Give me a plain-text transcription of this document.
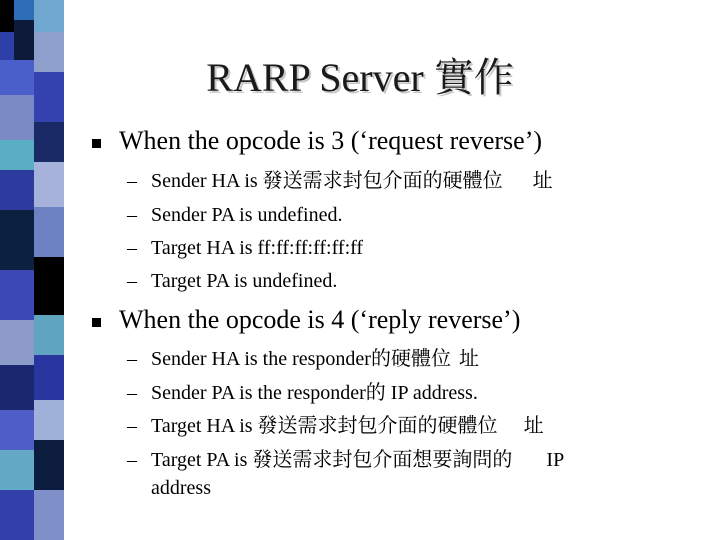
RARP Server 實作
When the opcode is 3 (‘request reverse’)
– Sender HA is 發送需求封包介面的硬體位 址
– Sender PA is undefined.
– Target HA is ff:ff:ff:ff:ff:ff
– Target PA is undefined.
When the opcode is 4 (‘reply reverse’)
– Sender HA is the responder的硬體位 址
– Sender PA is the responder的 IP address.
– Target HA is 發送需求封包介面的硬體位 址
– Target PA is 發送需求封包介面想要詢問的 IP
address
